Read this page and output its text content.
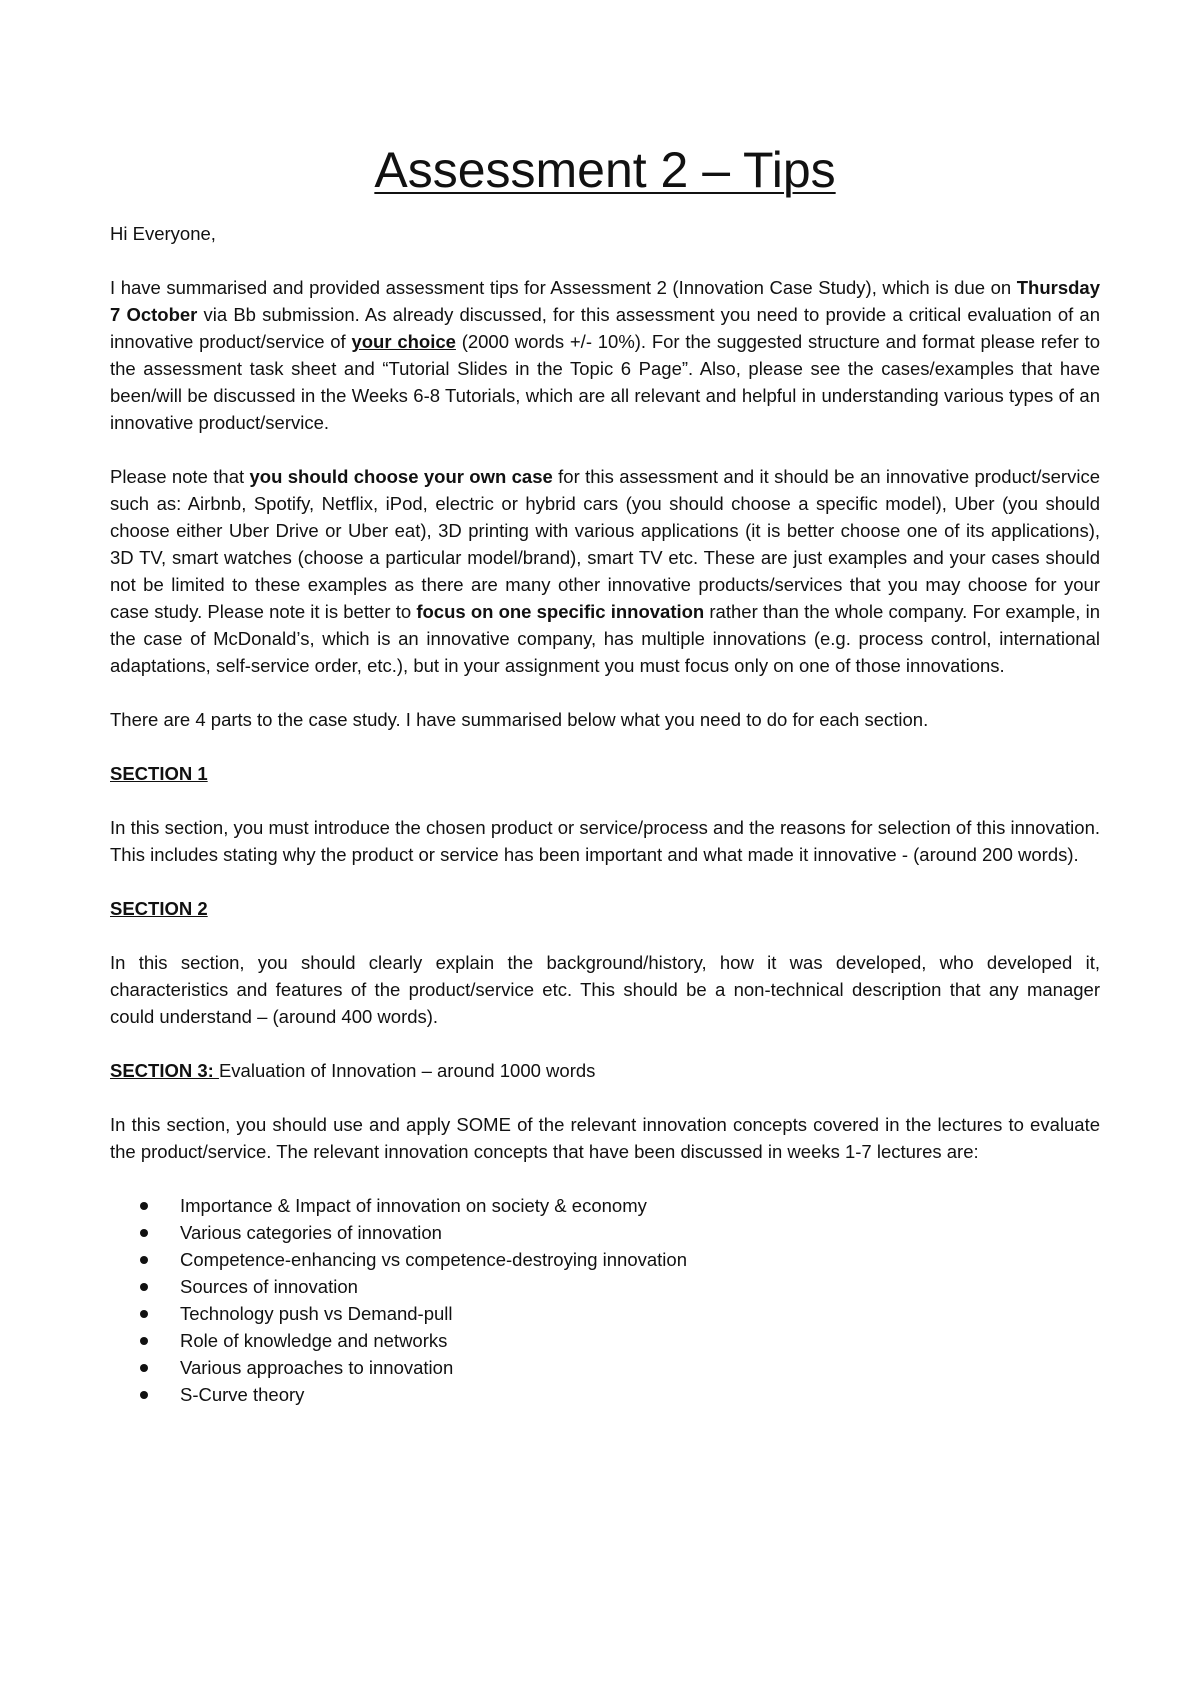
Assessment 2 – Tips

Hi Everyone,

I have summarised and provided assessment tips for Assessment 2 (Innovation Case Study), which is due on Thursday 7 October via Bb submission. As already discussed, for this assessment you need to provide a critical evaluation of an innovative product/service of your choice (2000 words +/- 10%). For the suggested structure and format please refer to the assessment task sheet and “Tutorial Slides in the Topic 6 Page”. Also, please see the cases/examples that have been/will be discussed in the Weeks 6-8 Tutorials, which are all relevant and helpful in understanding various types of an innovative product/service.

Please note that you should choose your own case for this assessment and it should be an innovative product/service such as: Airbnb, Spotify, Netflix, iPod, electric or hybrid cars (you should choose a specific model), Uber (you should choose either Uber Drive or Uber eat), 3D printing with various applications (it is better choose one of its applications), 3D TV, smart watches (choose a particular model/brand), smart TV etc. These are just examples and your cases should not be limited to these examples as there are many other innovative products/services that you may choose for your case study. Please note it is better to focus on one specific innovation rather than the whole company. For example, in the case of McDonald’s, which is an innovative company, has multiple innovations (e.g. process control, international adaptations, self-service order, etc.), but in your assignment you must focus only on one of those innovations.

There are 4 parts to the case study. I have summarised below what you need to do for each section.

SECTION 1

In this section, you must introduce the chosen product or service/process and the reasons for selection of this innovation. This includes stating why the product or service has been important and what made it innovative - (around 200 words).

SECTION 2

In this section, you should clearly explain the background/history, how it was developed, who developed it, characteristics and features of the product/service etc. This should be a non-technical description that any manager could understand – (around 400 words).

SECTION 3: Evaluation of Innovation – around 1000 words

In this section, you should use and apply SOME of the relevant innovation concepts covered in the lectures to evaluate the product/service. The relevant innovation concepts that have been discussed in weeks 1-7 lectures are:

Importance & Impact of innovation on society & economy
Various categories of innovation
Competence-enhancing vs competence-destroying innovation
Sources of innovation
Technology push vs Demand-pull
Role of knowledge and networks
Various approaches to innovation
S-Curve theory
